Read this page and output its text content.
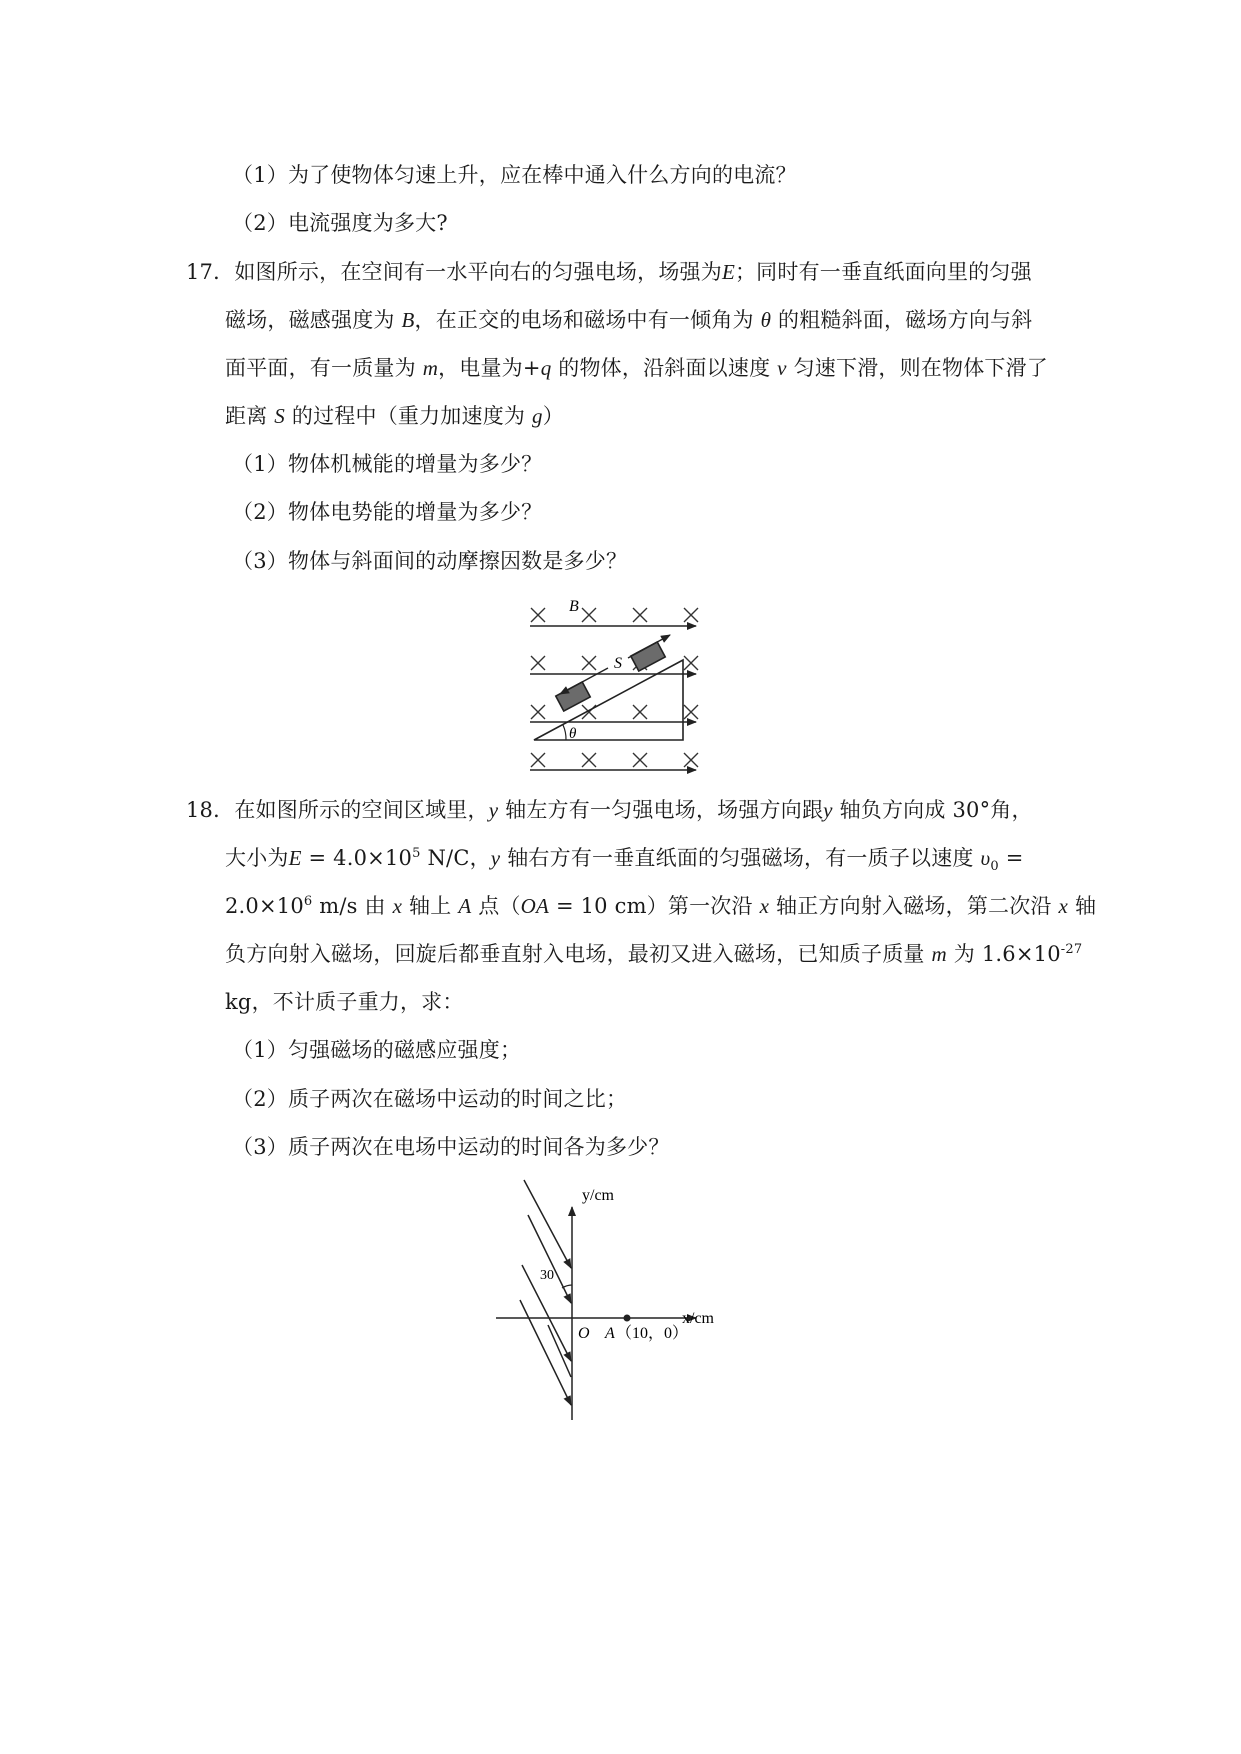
（1）为了使物体匀速上升，应在棒中通入什么方向的电流？
（2）电流强度为多大?
17．如图所示，在空间有一水平向右的匀强电场，场强为E；同时有一垂直纸面向里的匀强
磁场，磁感强度为 B，在正交的电场和磁场中有一倾角为 θ 的粗糙斜面，磁场方向与斜
面平面，有一质量为 m，电量为+q 的物体，沿斜面以速度 v 匀速下滑，则在物体下滑了
距离 S 的过程中（重力加速度为 g）
（1）物体机械能的增量为多少？
（2）物体电势能的增量为多少？
（3）物体与斜面间的动摩擦因数是多少？
B
S
θ
18．在如图所示的空间区域里，y 轴左方有一匀强电场，场强方向跟y 轴负方向成 30°角，
大小为$E = 4.0\times 10^5$ N/C，y 轴右方有一垂直纸面的匀强磁场，有一质子以速度 $\upsilon_0$ =
$2.0\times 10^6$ m/s 由 x 轴上 A 点（OA = 10 cm）第一次沿 x 轴正方向射入磁场，第二次沿 x 轴
负方向射入磁场，回旋后都垂直射入电场，最初又进入磁场，已知质子质量 m 为 $1.6\times 10^{-27}$
kg，不计质子重力，求：
（1）匀强磁场的磁感应强度；
（2）质子两次在磁场中运动的时间之比；
（3）质子两次在电场中运动的时间各为多少？
30
y/cm
x/cm
O A （10，0）
